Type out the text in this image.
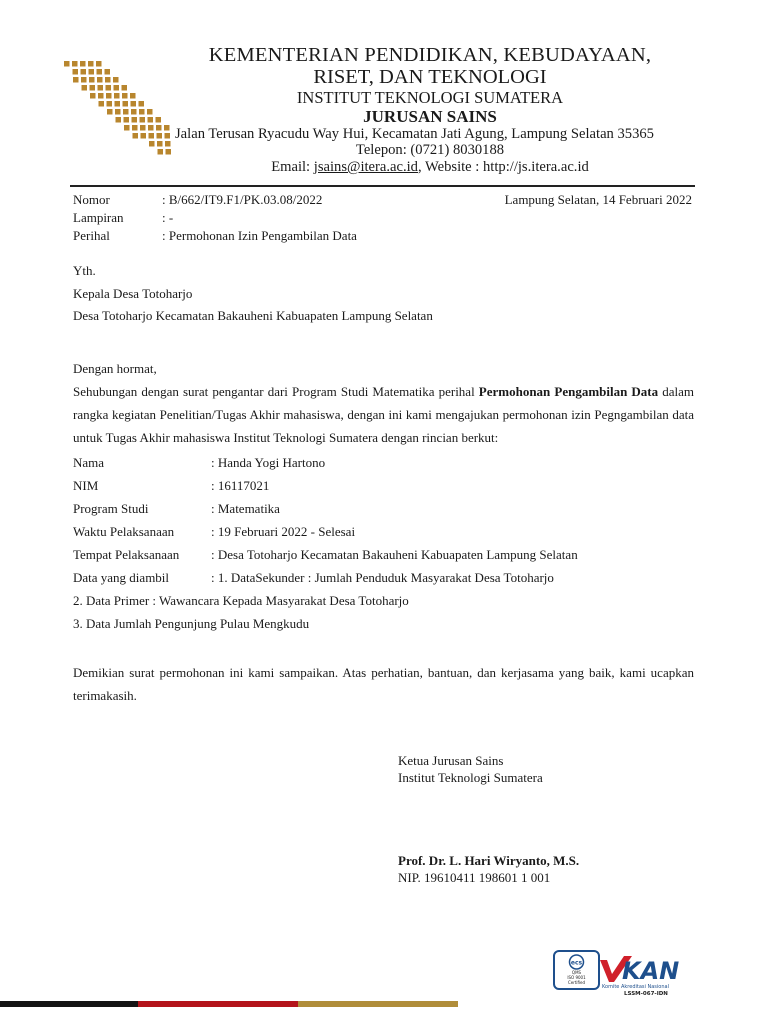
KEMENTERIAN PENDIDIKAN, KEBUDAYAAN,
RISET, DAN TEKNOLOGI
INSTITUT TEKNOLOGI SUMATERA
JURUSAN SAINS
Jalan Terusan Ryacudu Way Hui, Kecamatan Jati Agung, Lampung Selatan 35365
Telepon: (0721) 8030188
Email: jsains@itera.ac.id, Website : http://js.itera.ac.id
Nomor	: B/662/IT9.F1/PK.03.08/2022	Lampung Selatan, 14 Februari 2022
Lampiran	: -
Perihal	: Permohonan Izin Pengambilan Data
Yth.
Kepala Desa Totoharjo
Desa Totoharjo Kecamatan Bakauheni Kabuapaten Lampung Selatan
Dengan hormat,
Sehubungan dengan surat pengantar dari Program Studi Matematika perihal Permohonan Pengambilan Data dalam rangka kegiatan Penelitian/Tugas Akhir mahasiswa, dengan ini kami mengajukan permohonan izin Pegngambilan data untuk Tugas Akhir mahasiswa Institut Teknologi Sumatera dengan rincian berkut:
Nama	: Handa Yogi Hartono
NIM	: 16117021
Program Studi	: Matematika
Waktu Pelaksanaan	: 19 Februari 2022 - Selesai
Tempat Pelaksanaan : Desa Totoharjo Kecamatan Bakauheni Kabuapaten Lampung Selatan
Data yang diambil	: 1. DataSekunder : Jumlah Penduduk Masyarakat Desa Totoharjo
2. Data Primer : Wawancara Kepada Masyarakat Desa Totoharjo
3. Data Jumlah Pengunjung Pulau Mengkudu
Demikian surat permohonan ini kami sampaikan. Atas perhatian, bantuan, dan kerjasama yang baik, kami ucapkan terimakasih.
Ketua Jurusan Sains
Institut Teknologi Sumatera
Prof. Dr. L. Hari Wiryanto, M.S.
NIP. 19610411 198601 1 001
ecs
QMS
ISO 9001
Certified KAN
Komite Akreditasi Nasional
LSSM-067-IDN
